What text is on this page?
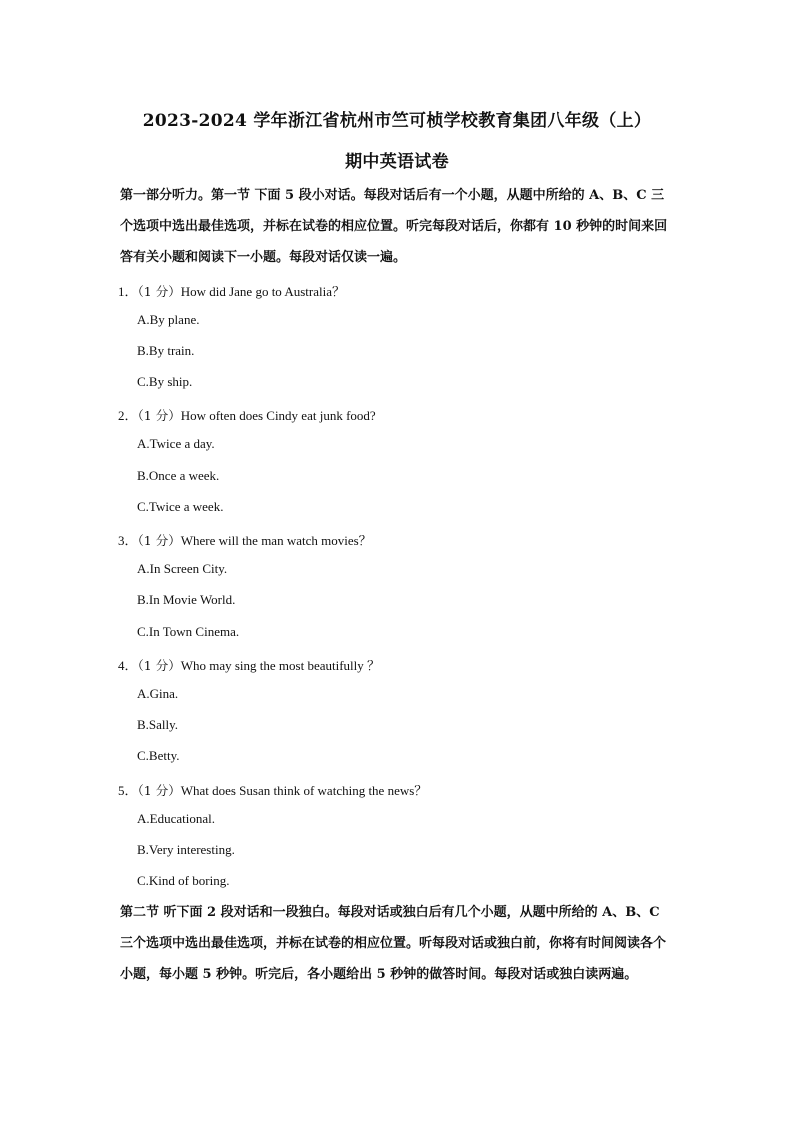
2023-2024 学年浙江省杭州市竺可桢学校教育集团八年级（上）
期中英语试卷
第一部分听力。第一节 下面 5 段小对话。每段对话后有一个小题，从题中所给的 A、B、C 三个选项中选出最佳选项，并标在试卷的相应位置。听完每段对话后，你都有 10 秒钟的时间来回答有关小题和阅读下一小题。每段对话仅读一遍。
1．（1 分）How did Jane go to Australia？
A.By plane.
B.By train.
C.By ship.
2．（1 分）How often does Cindy eat junk food?
A.Twice a day.
B.Once a week.
C.Twice a week.
3．（1 分）Where will the man watch movies？
A.In Screen City.
B.In Movie World.
C.In Town Cinema.
4．（1 分）Who may sing the most beautifully ？
A.Gina.
B.Sally.
C.Betty.
5．（1 分）What does Susan think of watching the news？
A.Educational.
B.Very interesting.
C.Kind of boring.
第二节 听下面 2 段对话和一段独白。每段对话或独白后有几个小题，从题中所给的 A、B、C 三个选项中选出最佳选项，并标在试卷的相应位置。听每段对话或独白前，你将有时间阅读各个小题，每小题 5 秒钟。听完后，各小题给出 5 秒钟的做答时间。每段对话或独白读两遍。
